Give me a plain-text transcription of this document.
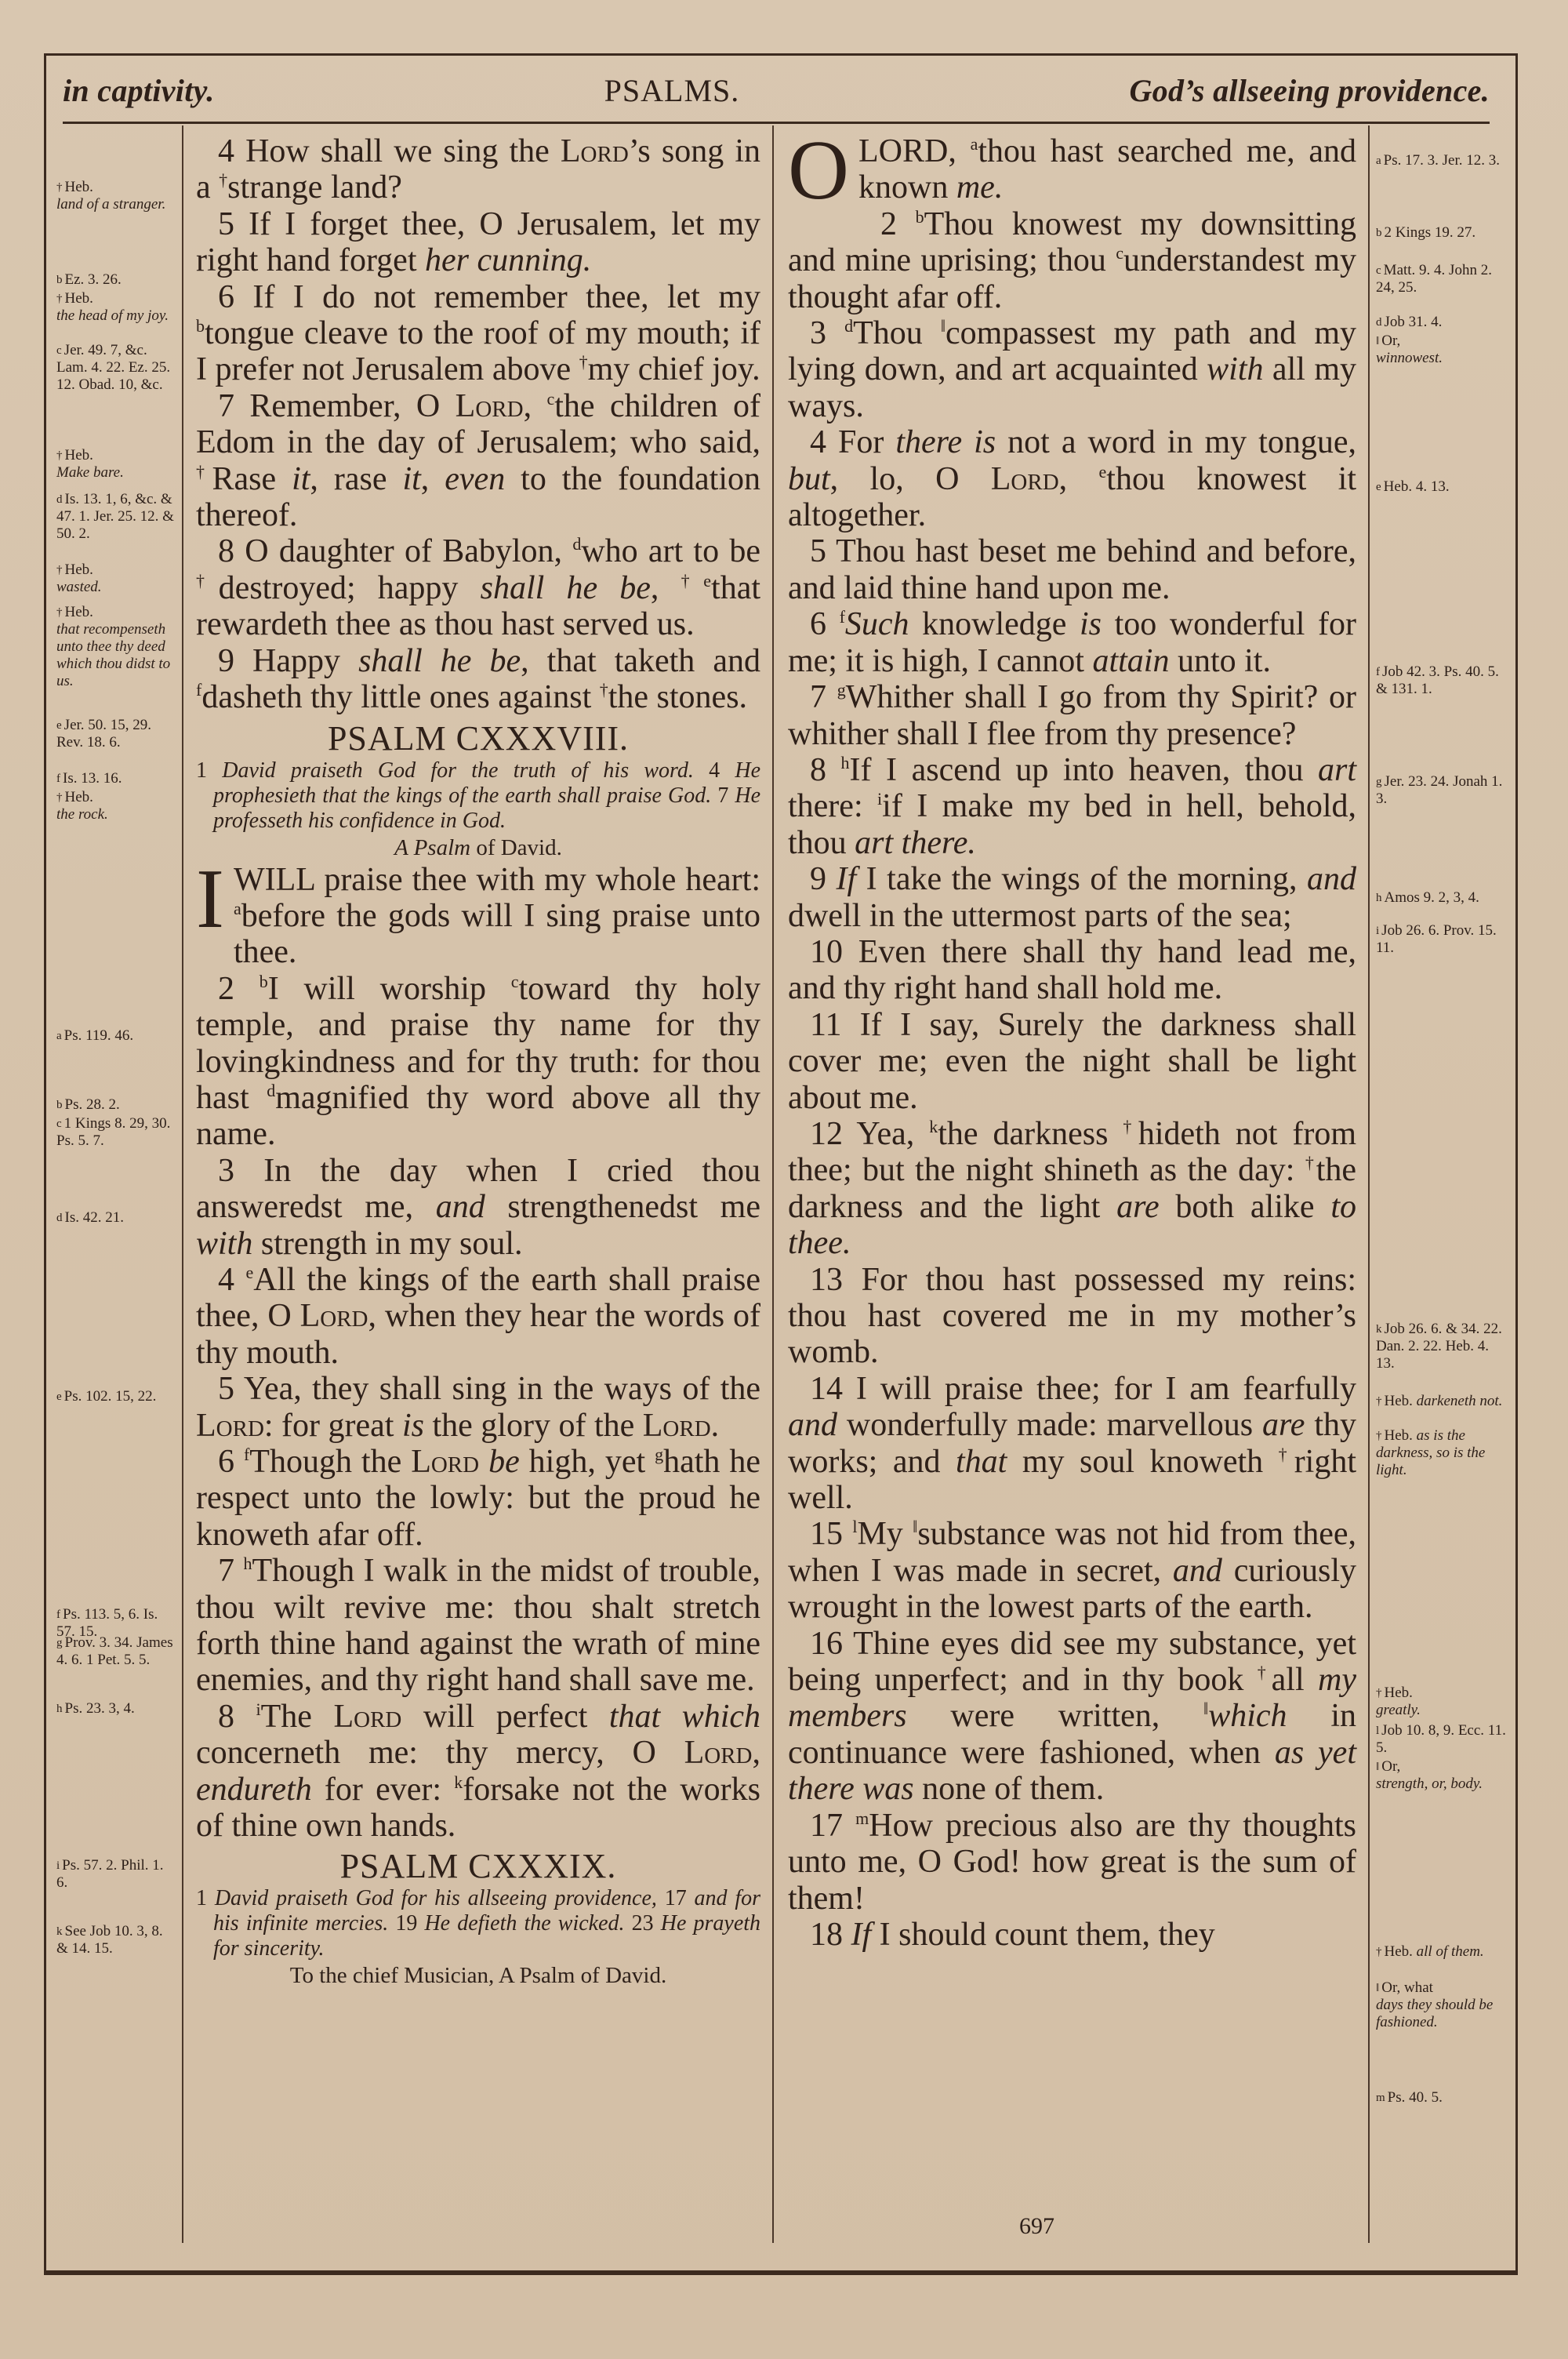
in captivity.	PSALMS.	God’s allseeing providence.
† Heb.
land of a stranger.
$^b$ Ez. 3. 26.
† Heb.
the head of my joy.
$^c$ Jer. 49. 7, &c. Lam. 4. 22. Ez. 25. 12. Obad. 10, &c.
† Heb.
Make bare.
$^d$ Is. 13. 1, 6, &c. & 47. 1. Jer. 25. 12. & 50. 2.
† Heb.
wasted.
† Heb.
that recompenseth unto thee thy deed which thou didst to us.
$^e$ Jer. 50. 15, 29. Rev. 18. 6.
$^f$ Is. 13. 16.
† Heb.
the rock.
$^a$ Ps. 119. 46.
$^b$ Ps. 28. 2.
$^c$ 1 Kings 8. 29, 30. Ps. 5. 7.
$^d$ Is. 42. 21.
$^e$ Ps. 102. 15, 22.
$^f$ Ps. 113. 5, 6. Is. 57. 15.
$^g$ Prov. 3. 34. James 4. 6. 1 Pet. 5. 5.
$^h$ Ps. 23. 3, 4.
$^i$ Ps. 57. 2. Phil. 1. 6.
$^k$ See Job 10. 3, 8. & 14. 15.
$^a$ Ps. 17. 3. Jer. 12. 3.
$^b$ 2 Kings 19. 27.
$^c$ Matt. 9. 4. John 2. 24, 25.
$^d$ Job 31. 4.
‖ Or,
winnowest.
$^e$ Heb. 4. 13.
$^f$ Job 42. 3. Ps. 40. 5. & 131. 1.
$^g$ Jer. 23. 24. Jonah 1. 3.
$^h$ Amos 9. 2, 3, 4.
$^i$ Job 26. 6. Prov. 15. 11.
$^k$ Job 26. 6. & 34. 22. Dan. 2. 22. Heb. 4. 13.
† Heb. darkeneth not.
† Heb. as is the darkness, so is the light.
† Heb.
greatly.
$^l$ Job 10. 8, 9. Ecc. 11. 5.
‖ Or,
strength, or, body.
† Heb. all of them.
‖ Or, what
days they should be fashioned.
$^m$ Ps. 40. 5.

4 How shall we sing the Lord’s song in a †strange land?

5 If I forget thee, O Jerusalem, let my right hand forget her cunning.

6 If I do not remember thee, let my $^b$tongue cleave to the roof of my mouth; if I prefer not Jerusalem above †my chief joy.

7 Remember, O Lord, $^c$the children of Edom in the day of Jerusalem; who said, †Rase it, rase it, even to the foundation thereof.

8 O daughter of Babylon, $^d$who art to be †destroyed; happy shall he be, $^{\dagger e}$that rewardeth thee as thou hast served us.

9 Happy shall he be, that taketh and $^f$dasheth thy little ones against †the stones.

PSALM CXXXVIII.

1 David praiseth God for the truth of his word. 4 He prophesieth that the kings of the earth shall praise God. 7 He professeth his confidence in God.

A Psalm of David.

I WILL praise thee with my whole heart: $^a$before the gods will I sing praise unto thee.

2 $^b$I will worship $^c$toward thy holy temple, and praise thy name for thy lovingkindness and for thy truth: for thou hast $^d$magnified thy word above all thy name.

3 In the day when I cried thou answeredst me, and strengthenedst me with strength in my soul.

4 $^e$All the kings of the earth shall praise thee, O Lord, when they hear the words of thy mouth.

5 Yea, they shall sing in the ways of the Lord: for great is the glory of the Lord.

6 $^f$Though the Lord be high, yet $^g$hath he respect unto the lowly: but the proud he knoweth afar off.

7 $^h$Though I walk in the midst of trouble, thou wilt revive me: thou shalt stretch forth thine hand against the wrath of mine enemies, and thy right hand shall save me.

8 $^i$The Lord will perfect that which concerneth me: thy mercy, O Lord, endureth for ever: $^k$forsake not the works of thine own hands.

PSALM CXXXIX.

1 David praiseth God for his allseeing providence, 17 and for his infinite mercies. 19 He defieth the wicked. 23 He prayeth for sincerity.

To the chief Musician, A Psalm of David.

O LORD, $^a$thou hast searched me, and known me.

2 $^b$Thou knowest my downsitting and mine uprising; thou $^c$understandest my thought afar off.

3 $^d$Thou ‖compassest my path and my lying down, and art acquainted with all my ways.

4 For there is not a word in my tongue, but, lo, O Lord, $^e$thou knowest it altogether.

5 Thou hast beset me behind and before, and laid thine hand upon me.

6 $^f$Such knowledge is too wonderful for me; it is high, I cannot attain unto it.

7 $^g$Whither shall I go from thy Spirit? or whither shall I flee from thy presence?

8 $^h$If I ascend up into heaven, thou art there: $^i$if I make my bed in hell, behold, thou art there.

9 If I take the wings of the morning, and dwell in the uttermost parts of the sea;

10 Even there shall thy hand lead me, and thy right hand shall hold me.

11 If I say, Surely the darkness shall cover me; even the night shall be light about me.

12 Yea, $^k$the darkness †hideth not from thee; but the night shineth as the day: †the darkness and the light are both alike to thee.

13 For thou hast possessed my reins: thou hast covered me in my mother’s womb.

14 I will praise thee; for I am fearfully and wonderfully made: marvellous are thy works; and that my soul knoweth †right well.

15 $^l$My ‖substance was not hid from thee, when I was made in secret, and curiously wrought in the lowest parts of the earth.

16 Thine eyes did see my substance, yet being unperfect; and in thy book †all my members were written, ‖which in continuance were fashioned, when as yet there was none of them.

17 $^m$How precious also are thy thoughts unto me, O God! how great is the sum of them!

18 If I should count them, they

697
